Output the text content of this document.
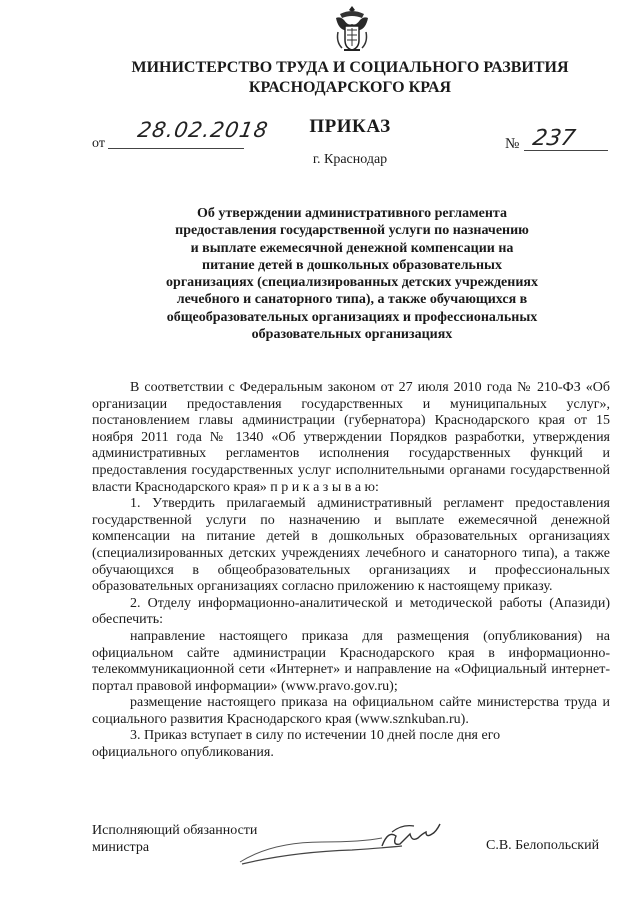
МИНИСТЕРСТВО ТРУДА И СОЦИАЛЬНОГО РАЗВИТИЯ
КРАСНОДАРСКОГО КРАЯ
ПРИКАЗ
от
28.02.2018
№ 237
г. Краснодар
Об утверждении административного регламента
предоставления государственной услуги по назначению
и выплате ежемесячной денежной компенсации на
питание детей в дошкольных образовательных
организациях (специализированных детских учреждениях
лечебного и санаторного типа), а также обучающихся в
общеобразовательных организациях и профессиональных
образовательных организациях

В соответствии с Федеральным законом от 27 июля 2010 года № 210-ФЗ «Об организации предоставления государственных и муниципальных услуг», постановлением главы администрации (губернатора) Краснодарского края от 15 ноября 2011 года № 1340 «Об утверждении Порядков разработки, утверждения административных регламентов исполнения государственных функций и предоставления государственных услуг исполнительными органами государственной власти Краснодарского края» п р и к а з ы в а ю:

1. Утвердить прилагаемый административный регламент предоставления государственной услуги по назначению и выплате ежемесячной денежной компенсации на питание детей в дошкольных образовательных организациях (специализированных детских учреждениях лечебного и санаторного типа), а также обучающихся в общеобразовательных организациях и профессиональных образовательных организациях согласно приложению к настоящему приказу.

2. Отделу информационно-аналитической и методической работы (Апазиди) обеспечить:

направление настоящего приказа для размещения (опубликования) на официальном сайте администрации Краснодарского края в информационно-телекоммуникационной сети «Интернет» и направление на «Официальный интернет-портал правовой информации» (www.pravo.gov.ru);

размещение настоящего приказа на официальном сайте министерства труда и социального развития Краснодарского края (www.sznkuban.ru).

3. Приказ вступает в силу по истечении 10 дней после дня его

официального опубликования.

Исполняющий обязанности
министра	С.В. Белопольский
